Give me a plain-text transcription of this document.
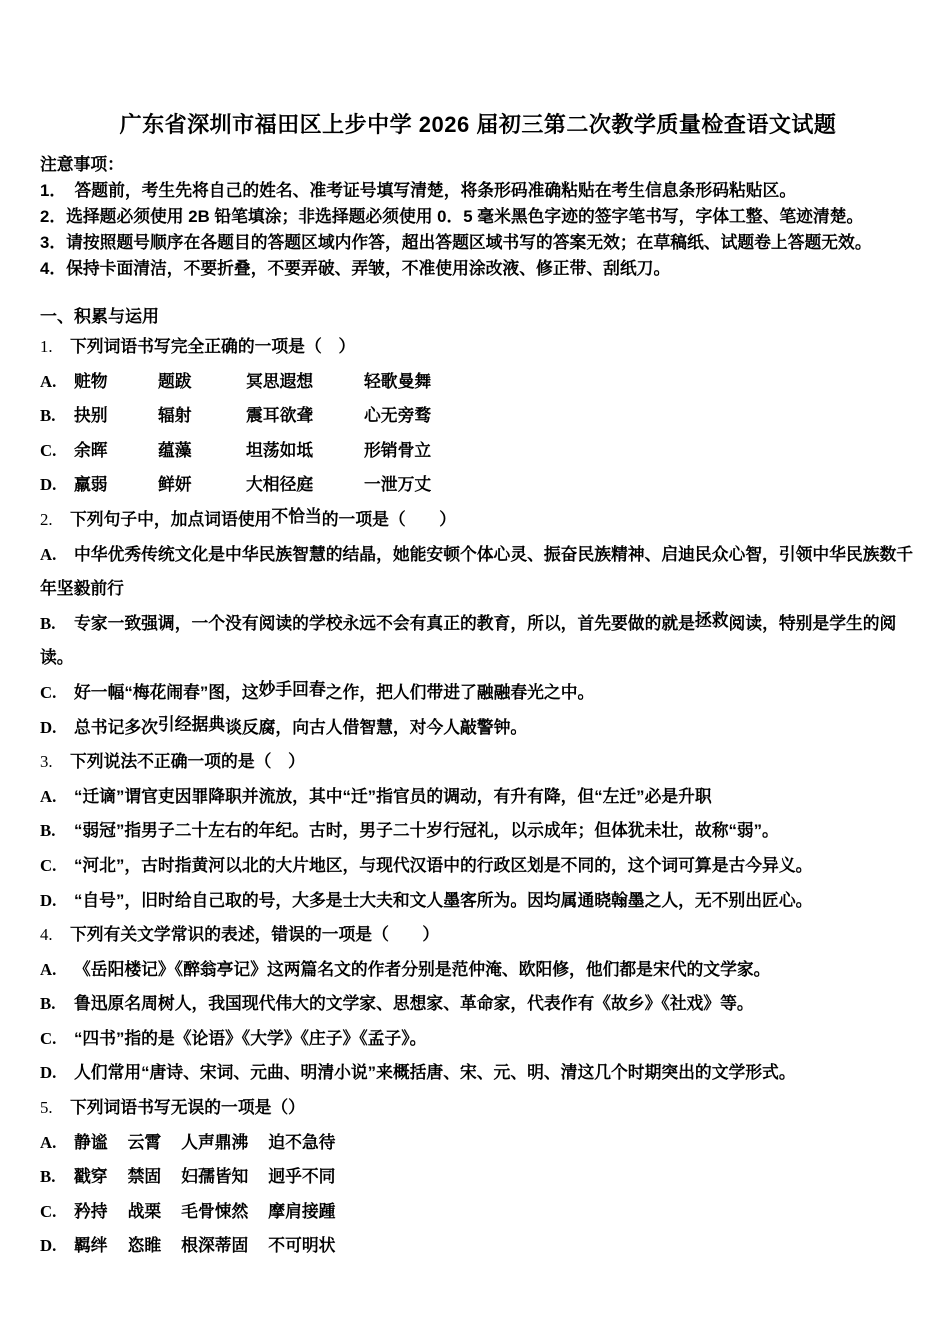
广东省深圳市福田区上步中学 2026 届初三第二次教学质量检查语文试题
注意事项：
1．　答题前，考生先将自己的姓名、准考证号填写清楚，将条形码准确粘贴在考生信息条形码粘贴区。
2．选择题必须使用 2B 铅笔填涂；非选择题必须使用 0．5 毫米黑色字迹的签字笔书写，字体工整、笔迹清楚。
3．请按照题号顺序在各题目的答题区域内作答，超出答题区域书写的答案无效；在草稿纸、试题卷上答题无效。
4．保持卡面清洁，不要折叠，不要弄破、弄皱，不准使用涂改液、修正带、刮纸刀。
一、积累与运用
1. 下列词语书写完全正确的一项是（　）
A. 赃物	题跋	冥思遐想	轻歌曼舞
B. 抉别	辐射	震耳欲聋	心无旁骛
C. 余晖	蕴藻	坦荡如坻	形销骨立
D. 羸弱	鲜妍	大相径庭	一泄万丈
2. 下列句子中，加点词语使用不恰当的一项是（　　）
A. 中华优秀传统文化是中华民族智慧的结晶，她能安顿个体心灵、振奋民族精神、启迪民众心智，引领中华民族数千年坚毅前行
B. 专家一致强调，一个没有阅读的学校永远不会有真正的教育，所以，首先要做的就是拯救阅读，特别是学生的阅读。
C. 好一幅“梅花闹春”图，这妙手回春之作，把人们带进了融融春光之中。
D. 总书记多次引经据典谈反腐，向古人借智慧，对今人敲警钟。
3. 下列说法不正确一项的是（　）
A. “迁谪”谓官吏因罪降职并流放，其中“迁”指官员的调动，有升有降，但“左迁”必是升职
B. “弱冠”指男子二十左右的年纪。古时，男子二十岁行冠礼，以示成年；但体犹未壮，故称“弱”。
C. “河北”，古时指黄河以北的大片地区，与现代汉语中的行政区划是不同的，这个词可算是古今异义。
D. “自号”，旧时给自己取的号，大多是士大夫和文人墨客所为。因均属通晓翰墨之人，无不别出匠心。
4. 下列有关文学常识的表述，错误的一项是（　　）
A. 《岳阳楼记》《醉翁亭记》这两篇名文的作者分别是范仲淹、欧阳修，他们都是宋代的文学家。
B. 鲁迅原名周树人，我国现代伟大的文学家、思想家、革命家，代表作有《故乡》《社戏》等。
C. “四书”指的是《论语》《大学》《庄子》《孟子》。
D. 人们常用“唐诗、宋词、元曲、明清小说”来概括唐、宋、元、明、清这几个时期突出的文学形式。
5. 下列词语书写无误的一项是（）
A. 静谧 云霄 人声鼎沸 迫不急待
B. 戳穿 禁固 妇孺皆知 迥乎不同
C. 矜持 战栗 毛骨悚然 摩肩接踵
D. 羁绊 恣睢 根深蒂固 不可明状
